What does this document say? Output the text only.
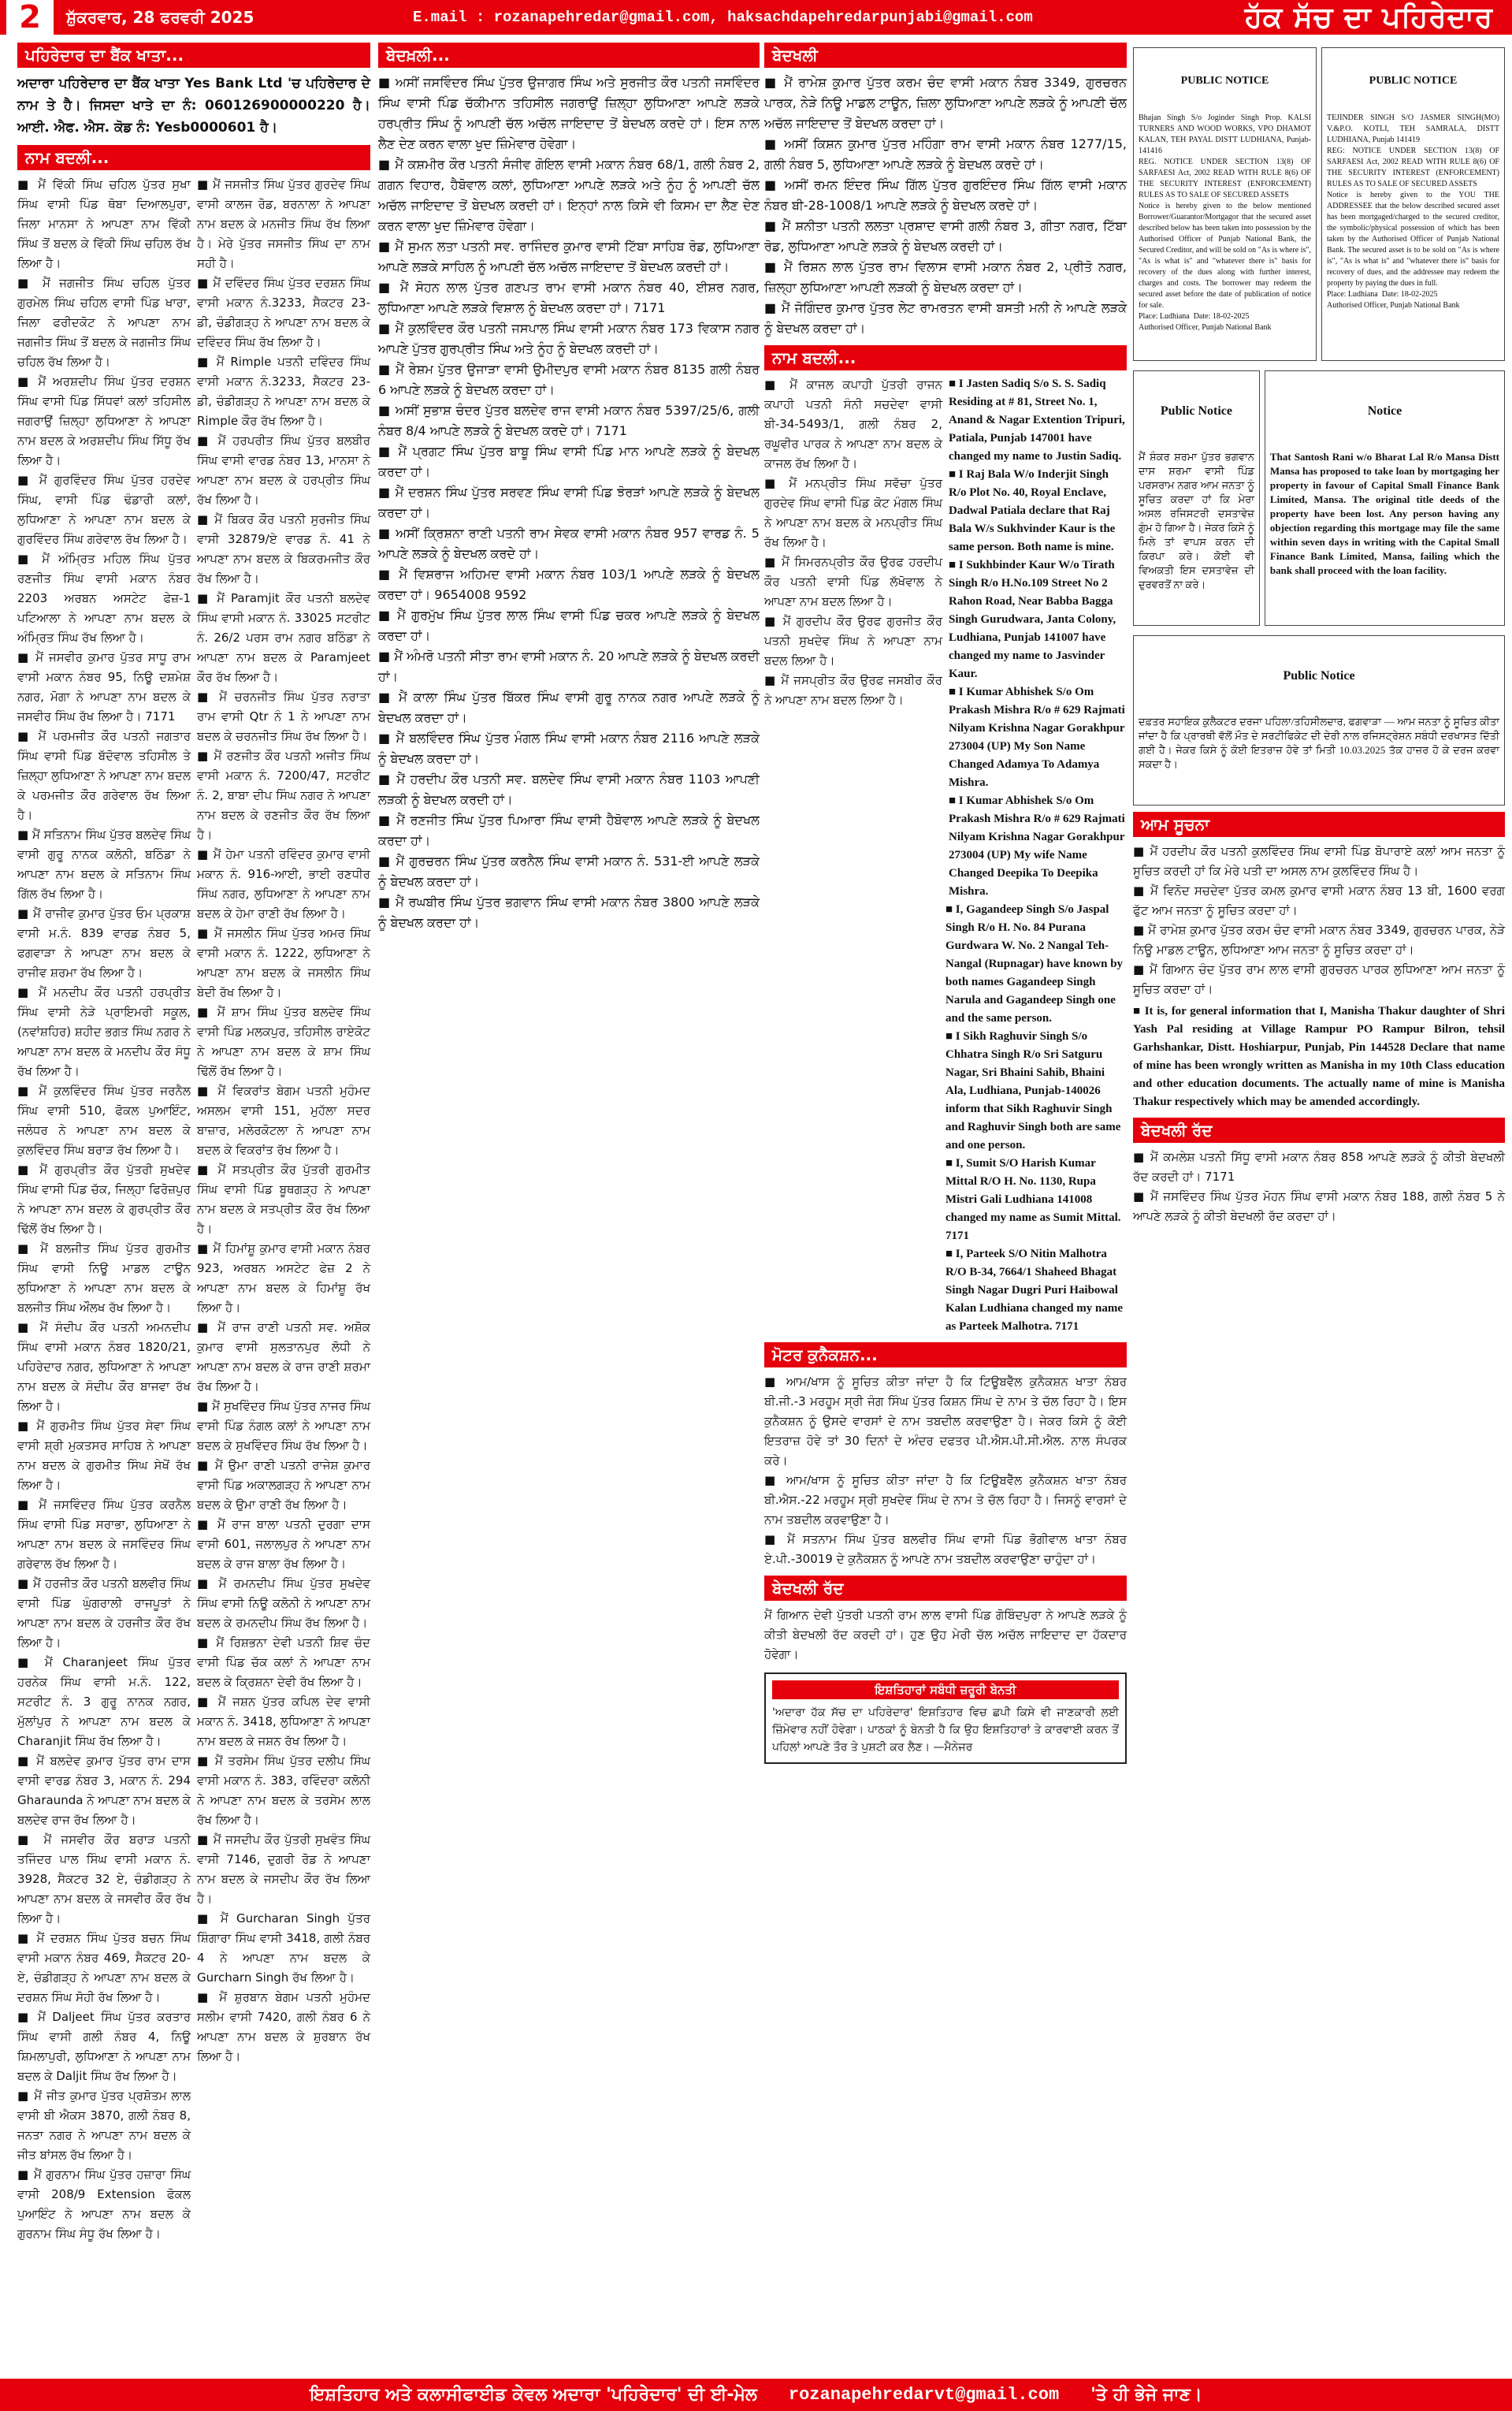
2	ਸ਼ੁੱਕਰਵਾਰ, 28 ਫਰਵਰੀ 2025	E.mail : rozanapehredar@gmail.com, haksachdapehredarpunjabi@gmail.com	ਹੱਕ ਸੱਚ ਦਾ ਪਹਿਰੇਦਾਰ
ਪਹਿਰੇਦਾਰ ਦਾ ਬੈਂਕ ਖਾਤਾ...
ਅਦਾਰਾ ਪਹਿਰੇਦਾਰ ਦਾ ਬੈਂਕ ਖਾਤਾ Yes Bank Ltd 'ਚ ਪਹਿਰੇਦਾਰ ਦੇ ਨਾਮ ਤੇ ਹੈ। ਜਿਸਦਾ ਖਾਤੇ ਦਾ ਨੰ: 060126900000220 ਹੈ।ਆਈ. ਐਫ. ਐਸ. ਕੋਡ ਨੰ: Yesb0000601 ਹੈ।
ਨਾਮ ਬਦਲੀ...
■ ਮੈਂ ਵਿੱਕੀ ਸਿੰਘ ਚਹਿਲ ਪੁੱਤਰ ਸੁਖਾ ਸਿੰਘ ਵਾਸੀ ਪਿੰਡ ਥੋਬਾ ਦਿਆਲਪੁਰਾ, ਜਿਲਾ ਮਾਨਸਾ ਨੇ ਆਪਣਾ ਨਾਮ ਵਿੱਕੀ ਸਿੰਘ ਤੋਂ ਬਦਲ ਕੇ ਵਿੱਕੀ ਸਿੰਘ ਚਹਿਲ ਰੱਖ ਲਿਆ ਹੈ।
■ ਮੈਂ ਜਗਜੀਤ ਸਿੰਘ ਚਹਿਲ ਪੁੱਤਰ ਗੁਰਮੇਲ ਸਿੰਘ ਚਹਿਲ ਵਾਸੀ ਪਿੰਡ ਖਾਰਾ, ਜਿਲਾ ਫਰੀਦਕੋਟ ਨੇ ਆਪਣਾ ਨਾਮ ਜਗਜੀਤ ਸਿੰਘ ਤੋਂ ਬਦਲ ਕੇ ਜਗਜੀਤ ਸਿੰਘ ਚਹਿਲ ਰੱਖ ਲਿਆ ਹੈ।
■ ਮੈਂ ਅਰਸ਼ਦੀਪ ਸਿੰਘ ਪੁੱਤਰ ਦਰਸ਼ਨ ਸਿੰਘ ਵਾਸੀ ਪਿੰਡ ਸਿੱਧਵਾਂ ਕਲਾਂ ਤਹਿਸੀਲ ਜਗਰਾਉਂ ਜ਼ਿਲ੍ਹਾ ਲੁਧਿਆਣਾ ਨੇ ਆਪਣਾ ਨਾਮ ਬਦਲ ਕੇ ਅਰਸ਼ਦੀਪ ਸਿੰਘ ਸਿੱਧੂ ਰੱਖ ਲਿਆ ਹੈ।
■ ਮੈਂ ਗੁਰਵਿੰਦਰ ਸਿੰਘ ਪੁੱਤਰ ਹਰਦੇਵ ਸਿੰਘ, ਵਾਸੀ ਪਿੰਡ ਢੰਡਾਰੀ ਕਲਾਂ, ਲੁਧਿਆਣਾ ਨੇ ਆਪਣਾ ਨਾਮ ਬਦਲ ਕੇ ਗੁਰਵਿੰਦਰ ਸਿੰਘ ਗਰੇਵਾਲ ਰੱਖ ਲਿਆ ਹੈ।
■ ਮੈਂ ਅੰਮ੍ਰਿਤ ਮਹਿਲ ਸਿੰਘ ਪੁੱਤਰ ਰਣਜੀਤ ਸਿੰਘ ਵਾਸੀ ਮਕਾਨ ਨੰਬਰ 2203 ਅਰਬਨ ਅਸਟੇਟ ਫੇਜ਼-1 ਪਟਿਆਲਾ ਨੇ ਆਪਣਾ ਨਾਮ ਬਦਲ ਕੇ ਅੰਮ੍ਰਿਤ ਸਿੰਘ ਰੱਖ ਲਿਆ ਹੈ।
■ ਮੈਂ ਜਸਵੀਰ ਕੁਮਾਰ ਪੁੱਤਰ ਸਾਧੂ ਰਾਮ ਵਾਸੀ ਮਕਾਨ ਨੰਬਰ 95, ਨਿਊ ਦਸ਼ਮੇਸ਼ ਨਗਰ, ਮੋਗਾ ਨੇ ਆਪਣਾ ਨਾਮ ਬਦਲ ਕੇ ਜਸਵੀਰ ਸਿੰਘ ਰੱਖ ਲਿਆ ਹੈ। 7171
■ ਮੈਂ ਪਰਮਜੀਤ ਕੌਰ ਪਤਨੀ ਜਗਤਾਰ ਸਿੰਘ ਵਾਸੀ ਪਿੰਡ ਬੱਦੋਵਾਲ ਤਹਿਸੀਲ ਤੇ ਜ਼ਿਲ੍ਹਾ ਲੁਧਿਆਣਾ ਨੇ ਆਪਣਾ ਨਾਮ ਬਦਲ ਕੇ ਪਰਮਜੀਤ ਕੌਰ ਗਰੇਵਾਲ ਰੱਖ ਲਿਆ ਹੈ।
■ ਮੈਂ ਸਤਿਨਾਮ ਸਿੰਘ ਪੁੱਤਰ ਬਲਦੇਵ ਸਿੰਘ ਵਾਸੀ ਗੁਰੂ ਨਾਨਕ ਕਲੋਨੀ, ਬਠਿੰਡਾ ਨੇ ਆਪਣਾ ਨਾਮ ਬਦਲ ਕੇ ਸਤਿਨਾਮ ਸਿੰਘ ਗਿੱਲ ਰੱਖ ਲਿਆ ਹੈ।
■ ਮੈਂ ਰਾਜੀਵ ਕੁਮਾਰ ਪੁੱਤਰ ਓਮ ਪ੍ਰਕਾਸ਼ ਵਾਸੀ ਮ.ਨੰ. 839 ਵਾਰਡ ਨੰਬਰ 5, ਫਗਵਾੜਾ ਨੇ ਆਪਣਾ ਨਾਮ ਬਦਲ ਕੇ ਰਾਜੀਵ ਸ਼ਰਮਾ ਰੱਖ ਲਿਆ ਹੈ।
■ ਮੈਂ ਮਨਦੀਪ ਕੌਰ ਪਤਨੀ ਹਰਪ੍ਰੀਤ ਸਿੰਘ ਵਾਸੀ ਨੇੜੇ ਪ੍ਰਾਇਮਰੀ ਸਕੂਲ, (ਨਵਾਂਸ਼ਹਿਰ) ਸ਼ਹੀਦ ਭਗਤ ਸਿੰਘ ਨਗਰ ਨੇ ਆਪਣਾ ਨਾਮ ਬਦਲ ਕੇ ਮਨਦੀਪ ਕੌਰ ਸੰਧੂ ਰੱਖ ਲਿਆ ਹੈ।
■ ਮੈਂ ਕੁਲਵਿੰਦਰ ਸਿੰਘ ਪੁੱਤਰ ਜਰਨੈਲ ਸਿੰਘ ਵਾਸੀ 510, ਫੋਕਲ ਪੁਆਇੰਟ, ਜਲੰਧਰ ਨੇ ਆਪਣਾ ਨਾਮ ਬਦਲ ਕੇ ਕੁਲਵਿੰਦਰ ਸਿੰਘ ਬਰਾੜ ਰੱਖ ਲਿਆ ਹੈ।
■ ਮੈਂ ਗੁਰਪ੍ਰੀਤ ਕੌਰ ਪੁੱਤਰੀ ਸੁਖਦੇਵ ਸਿੰਘ ਵਾਸੀ ਪਿੰਡ ਚੱਕ, ਜਿਲ੍ਹਾ ਫਿਰੋਜ਼ਪੁਰ ਨੇ ਆਪਣਾ ਨਾਮ ਬਦਲ ਕੇ ਗੁਰਪ੍ਰੀਤ ਕੌਰ ਢਿੱਲੋਂ ਰੱਖ ਲਿਆ ਹੈ।
■ ਮੈਂ ਬਲਜੀਤ ਸਿੰਘ ਪੁੱਤਰ ਗੁਰਮੀਤ ਸਿੰਘ ਵਾਸੀ ਨਿਊ ਮਾਡਲ ਟਾਊਨ ਲੁਧਿਆਣਾ ਨੇ ਆਪਣਾ ਨਾਮ ਬਦਲ ਕੇ ਬਲਜੀਤ ਸਿੰਘ ਔਲਖ ਰੱਖ ਲਿਆ ਹੈ।
■ ਮੈਂ ਸੰਦੀਪ ਕੌਰ ਪਤਨੀ ਅਮਨਦੀਪ ਸਿੰਘ ਵਾਸੀ ਮਕਾਨ ਨੰਬਰ 1820/21, ਪਹਿਰੇਦਾਰ ਨਗਰ, ਲੁਧਿਆਣਾ ਨੇ ਆਪਣਾ ਨਾਮ ਬਦਲ ਕੇ ਸੰਦੀਪ ਕੌਰ ਬਾਜਵਾ ਰੱਖ ਲਿਆ ਹੈ।
■ ਮੈਂ ਗੁਰਮੀਤ ਸਿੰਘ ਪੁੱਤਰ ਸੇਵਾ ਸਿੰਘ ਵਾਸੀ ਸ਼੍ਰੀ ਮੁਕਤਸਰ ਸਾਹਿਬ ਨੇ ਆਪਣਾ ਨਾਮ ਬਦਲ ਕੇ ਗੁਰਮੀਤ ਸਿੰਘ ਸੇਖੋਂ ਰੱਖ ਲਿਆ ਹੈ।
■ ਮੈਂ ਜਸਵਿੰਦਰ ਸਿੰਘ ਪੁੱਤਰ ਕਰਨੈਲ ਸਿੰਘ ਵਾਸੀ ਪਿੰਡ ਸਰਾਭਾ, ਲੁਧਿਆਣਾ ਨੇ ਆਪਣਾ ਨਾਮ ਬਦਲ ਕੇ ਜਸਵਿੰਦਰ ਸਿੰਘ ਗਰੇਵਾਲ ਰੱਖ ਲਿਆ ਹੈ।
■ ਮੈਂ ਹਰਜੀਤ ਕੌਰ ਪਤਨੀ ਬਲਵੀਰ ਸਿੰਘ ਵਾਸੀ ਪਿੰਡ ਘੁੰਗਰਾਲੀ ਰਾਜਪੂਤਾਂ ਨੇ ਆਪਣਾ ਨਾਮ ਬਦਲ ਕੇ ਹਰਜੀਤ ਕੌਰ ਰੱਖ ਲਿਆ ਹੈ।
■ ਮੈਂ Charanjeet ਸਿੰਘ ਪੁੱਤਰ ਹਰਨੇਕ ਸਿੰਘ ਵਾਸੀ ਮ.ਨੰ. 122, ਸਟਰੀਟ ਨੰ. 3 ਗੁਰੂ ਨਾਨਕ ਨਗਰ, ਮੁੱਲਾਂਪੁਰ ਨੇ ਆਪਣਾ ਨਾਮ ਬਦਲ ਕੇ Charanjit ਸਿੰਘ ਰੱਖ ਲਿਆ ਹੈ।
■ ਮੈਂ ਬਲਦੇਵ ਕੁਮਾਰ ਪੁੱਤਰ ਰਾਮ ਦਾਸ ਵਾਸੀ ਵਾਰਡ ਨੰਬਰ 3, ਮਕਾਨ ਨੰ. 294 Gharaunda ਨੇ ਆਪਣਾ ਨਾਮ ਬਦਲ ਕੇ ਬਲਦੇਵ ਰਾਜ ਰੱਖ ਲਿਆ ਹੈ।
■ ਮੈਂ ਜਸਵੀਰ ਕੌਰ ਬਰਾੜ ਪਤਨੀ ਤਜਿੰਦਰ ਪਾਲ ਸਿੰਘ ਵਾਸੀ ਮਕਾਨ ਨੰ. 3928, ਸੈਕਟਰ 32 ਏ, ਚੰਡੀਗੜ੍ਹ ਨੇ ਆਪਣਾ ਨਾਮ ਬਦਲ ਕੇ ਜਸਵੀਰ ਕੌਰ ਰੱਖ ਲਿਆ ਹੈ।
■ ਮੈਂ ਦਰਸ਼ਨ ਸਿੰਘ ਪੁੱਤਰ ਬਚਨ ਸਿੰਘ ਵਾਸੀ ਮਕਾਨ ਨੰਬਰ 469, ਸੈਕਟਰ 20-ਏ, ਚੰਡੀਗੜ੍ਹ ਨੇ ਆਪਣਾ ਨਾਮ ਬਦਲ ਕੇ ਦਰਸ਼ਨ ਸਿੰਘ ਸੋਹੀ ਰੱਖ ਲਿਆ ਹੈ।
■ ਮੈਂ Daljeet ਸਿੰਘ ਪੁੱਤਰ ਕਰਤਾਰ ਸਿੰਘ ਵਾਸੀ ਗਲੀ ਨੰਬਰ 4, ਨਿਊ ਸ਼ਿਮਲਾਪੁਰੀ, ਲੁਧਿਆਣਾ ਨੇ ਆਪਣਾ ਨਾਮ ਬਦਲ ਕੇ Daljit ਸਿੰਘ ਰੱਖ ਲਿਆ ਹੈ।
■ ਮੈਂ ਜੀਤ ਕੁਮਾਰ ਪੁੱਤਰ ਪ੍ਰਸ਼ੋਤਮ ਲਾਲ ਵਾਸੀ ਬੀ ਐਕਸ 3870, ਗਲੀ ਨੰਬਰ 8, ਜਨਤਾ ਨਗਰ ਨੇ ਆਪਣਾ ਨਾਮ ਬਦਲ ਕੇ ਜੀਤ ਬਾਂਸਲ ਰੱਖ ਲਿਆ ਹੈ।
■ ਮੈਂ ਗੁਰਨਾਮ ਸਿੰਘ ਪੁੱਤਰ ਹਜ਼ਾਰਾ ਸਿੰਘ ਵਾਸੀ 208/9 Extension ਫੋਕਲ ਪੁਆਇੰਟ ਨੇ ਆਪਣਾ ਨਾਮ ਬਦਲ ਕੇ ਗੁਰਨਾਮ ਸਿੰਘ ਸੰਧੂ ਰੱਖ ਲਿਆ ਹੈ।
■ ਮੈਂ ਜਸਜੀਤ ਸਿੰਘ ਪੁੱਤਰ ਗੁਰਦੇਵ ਸਿੰਘ ਵਾਸੀ ਕਾਲਜ ਰੋਡ, ਬਰਨਾਲਾ ਨੇ ਆਪਣਾ ਨਾਮ ਬਦਲ ਕੇ ਮਨਜੀਤ ਸਿੰਘ ਰੱਖ ਲਿਆ ਹੈ। ਮੇਰੇ ਪੁੱਤਰ ਜਸਜੀਤ ਸਿੰਘ ਦਾ ਨਾਮ ਸਹੀ ਹੈ।
■ ਮੈਂ ਦਵਿੰਦਰ ਸਿੰਘ ਪੁੱਤਰ ਦਰਸ਼ਨ ਸਿੰਘ ਵਾਸੀ ਮਕਾਨ ਨੰ.3233, ਸੈਕਟਰ 23-ਡੀ, ਚੰਡੀਗੜ੍ਹ ਨੇ ਆਪਣਾ ਨਾਮ ਬਦਲ ਕੇ ਦਵਿੰਦਰ ਸਿੰਘ ਰੱਖ ਲਿਆ ਹੈ।
■ ਮੈਂ Rimple ਪਤਨੀ ਦਵਿੰਦਰ ਸਿੰਘ ਵਾਸੀ ਮਕਾਨ ਨੰ.3233, ਸੈਕਟਰ 23-ਡੀ, ਚੰਡੀਗੜ੍ਹ ਨੇ ਆਪਣਾ ਨਾਮ ਬਦਲ ਕੇ Rimple ਕੌਰ ਰੱਖ ਲਿਆ ਹੈ।
■ ਮੈਂ ਹਰਪਰੀਤ ਸਿੰਘ ਪੁੱਤਰ ਬਲਬੀਰ ਸਿੰਘ ਵਾਸੀ ਵਾਰਡ ਨੰਬਰ 13, ਮਾਨਸਾ ਨੇ ਆਪਣਾ ਨਾਮ ਬਦਲ ਕੇ ਹਰਪ੍ਰੀਤ ਸਿੰਘ ਰੱਖ ਲਿਆ ਹੈ।
■ ਮੈਂ ਬਿਕਰ ਕੌਰ ਪਤਨੀ ਸੁਰਜੀਤ ਸਿੰਘ ਵਾਸੀ 32879/ਏ ਵਾਰਡ ਨੰ. 41 ਨੇ ਆਪਣਾ ਨਾਮ ਬਦਲ ਕੇ ਬਿਕਰਮਜੀਤ ਕੌਰ ਰੱਖ ਲਿਆ ਹੈ।
■ ਮੈਂ Paramjit ਕੌਰ ਪਤਨੀ ਬਲਦੇਵ ਸਿੰਘ ਵਾਸੀ ਮਕਾਨ ਨੰ. 33025 ਸਟਰੀਟ ਨੰ. 26/2 ਪਰਸ ਰਾਮ ਨਗਰ ਬਠਿੰਡਾ ਨੇ ਆਪਣਾ ਨਾਮ ਬਦਲ ਕੇ Paramjeet ਕੌਰ ਰੱਖ ਲਿਆ ਹੈ।
■ ਮੈਂ ਚਰਨਜੀਤ ਸਿੰਘ ਪੁੱਤਰ ਨਰਾਤਾ ਰਾਮ ਵਾਸੀ Qtr ਨੰ 1 ਨੇ ਆਪਣਾ ਨਾਮ ਬਦਲ ਕੇ ਚਰਨਜੀਤ ਸਿੰਘ ਰੱਖ ਲਿਆ ਹੈ।
■ ਮੈਂ ਰਣਜੀਤ ਕੌਰ ਪਤਨੀ ਅਜੀਤ ਸਿੰਘ ਵਾਸੀ ਮਕਾਨ ਨੰ. 7200/47, ਸਟਰੀਟ ਨੰ. 2, ਬਾਬਾ ਦੀਪ ਸਿੰਘ ਨਗਰ ਨੇ ਆਪਣਾ ਨਾਮ ਬਦਲ ਕੇ ਰਣਜੀਤ ਕੌਰ ਰੱਖ ਲਿਆ ਹੈ।
■ ਮੈਂ ਹੇਮਾ ਪਤਨੀ ਰਵਿੰਦਰ ਕੁਮਾਰ ਵਾਸੀ ਮਕਾਨ ਨੰ. 916-ਆਈ, ਭਾਈ ਰਣਧੀਰ ਸਿੰਘ ਨਗਰ, ਲੁਧਿਆਣਾ ਨੇ ਆਪਣਾ ਨਾਮ ਬਦਲ ਕੇ ਹੇਮਾ ਰਾਣੀ ਰੱਖ ਲਿਆ ਹੈ।
■ ਮੈਂ ਜਸਲੀਨ ਸਿੰਘ ਪੁੱਤਰ ਅਮਰ ਸਿੰਘ ਵਾਸੀ ਮਕਾਨ ਨੰ. 1222, ਲੁਧਿਆਣਾ ਨੇ ਆਪਣਾ ਨਾਮ ਬਦਲ ਕੇ ਜਸਲੀਨ ਸਿੰਘ ਬੇਦੀ ਰੱਖ ਲਿਆ ਹੈ।
■ ਮੈਂ ਸ਼ਾਮ ਸਿੰਘ ਪੁੱਤਰ ਬਲਦੇਵ ਸਿੰਘ ਵਾਸੀ ਪਿੰਡ ਮਲਕਪੁਰ, ਤਹਿਸੀਲ ਰਾਏਕੋਟ ਨੇ ਆਪਣਾ ਨਾਮ ਬਦਲ ਕੇ ਸ਼ਾਮ ਸਿੰਘ ਢਿੱਲੋਂ ਰੱਖ ਲਿਆ ਹੈ।
■ ਮੈਂ ਵਿਕਰਾਂਤ ਬੇਗਮ ਪਤਨੀ ਮੁਹੰਮਦ ਅਸਲਮ ਵਾਸੀ 151, ਮੁਹੱਲਾ ਸਦਰ ਬਾਜ਼ਾਰ, ਮਲੇਰਕੋਟਲਾ ਨੇ ਆਪਣਾ ਨਾਮ ਬਦਲ ਕੇ ਵਿਕਰਾਂਤ ਰੱਖ ਲਿਆ ਹੈ।
■ ਮੈਂ ਸਤਪ੍ਰੀਤ ਕੌਰ ਪੁੱਤਰੀ ਗੁਰਮੀਤ ਸਿੰਘ ਵਾਸੀ ਪਿੰਡ ਬੂਥਗੜ੍ਹ ਨੇ ਆਪਣਾ ਨਾਮ ਬਦਲ ਕੇ ਸਤਪ੍ਰੀਤ ਕੌਰ ਰੱਖ ਲਿਆ ਹੈ।
■ ਮੈਂ ਹਿਮਾਂਸ਼ੂ ਕੁਮਾਰ ਵਾਸੀ ਮਕਾਨ ਨੰਬਰ 923, ਅਰਬਨ ਅਸਟੇਟ ਫੇਜ਼ 2 ਨੇ ਆਪਣਾ ਨਾਮ ਬਦਲ ਕੇ ਹਿਮਾਂਸ਼ੂ ਰੱਖ ਲਿਆ ਹੈ।
■ ਮੈਂ ਰਾਜ ਰਾਣੀ ਪਤਨੀ ਸਵ. ਅਸ਼ੋਕ ਕੁਮਾਰ ਵਾਸੀ ਸੁਲਤਾਨਪੁਰ ਲੋਧੀ ਨੇ ਆਪਣਾ ਨਾਮ ਬਦਲ ਕੇ ਰਾਜ ਰਾਣੀ ਸ਼ਰਮਾ ਰੱਖ ਲਿਆ ਹੈ।
■ ਮੈਂ ਸੁਖਵਿੰਦਰ ਸਿੰਘ ਪੁੱਤਰ ਨਾਜਰ ਸਿੰਘ ਵਾਸੀ ਪਿੰਡ ਨੰਗਲ ਕਲਾਂ ਨੇ ਆਪਣਾ ਨਾਮ ਬਦਲ ਕੇ ਸੁਖਵਿੰਦਰ ਸਿੰਘ ਰੱਖ ਲਿਆ ਹੈ।
■ ਮੈਂ ਉਮਾ ਰਾਣੀ ਪਤਨੀ ਰਾਜੇਸ਼ ਕੁਮਾਰ ਵਾਸੀ ਪਿੰਡ ਅਕਾਲਗੜ੍ਹ ਨੇ ਆਪਣਾ ਨਾਮ ਬਦਲ ਕੇ ਉਮਾ ਰਾਣੀ ਰੱਖ ਲਿਆ ਹੈ।
■ ਮੈਂ ਰਾਜ ਬਾਲਾ ਪਤਨੀ ਦੁਰਗਾ ਦਾਸ ਵਾਸੀ 601, ਜਲਾਲਪੁਰ ਨੇ ਆਪਣਾ ਨਾਮ ਬਦਲ ਕੇ ਰਾਜ ਬਾਲਾ ਰੱਖ ਲਿਆ ਹੈ।
■ ਮੈਂ ਰਮਨਦੀਪ ਸਿੰਘ ਪੁੱਤਰ ਸੁਖਦੇਵ ਸਿੰਘ ਵਾਸੀ ਨਿਊ ਕਲੋਨੀ ਨੇ ਆਪਣਾ ਨਾਮ ਬਦਲ ਕੇ ਰਮਨਦੀਪ ਸਿੰਘ ਰੱਖ ਲਿਆ ਹੈ।
■ ਮੈਂ ਰਿਸ਼ਭਨਾ ਦੇਵੀ ਪਤਨੀ ਸ਼ਿਵ ਚੰਦ ਵਾਸੀ ਪਿੰਡ ਚੱਕ ਕਲਾਂ ਨੇ ਆਪਣਾ ਨਾਮ ਬਦਲ ਕੇ ਕ੍ਰਿਸ਼ਨਾ ਦੇਵੀ ਰੱਖ ਲਿਆ ਹੈ।
■ ਮੈਂ ਜਸ਼ਨ ਪੁੱਤਰ ਕਪਿਲ ਦੇਵ ਵਾਸੀ ਮਕਾਨ ਨੰ. 3418, ਲੁਧਿਆਣਾ ਨੇ ਆਪਣਾ ਨਾਮ ਬਦਲ ਕੇ ਜਸ਼ਨ ਰੱਖ ਲਿਆ ਹੈ।
■ ਮੈਂ ਤਰਸੇਮ ਸਿੰਘ ਪੁੱਤਰ ਦਲੀਪ ਸਿੰਘ ਵਾਸੀ ਮਕਾਨ ਨੰ. 383, ਰਵਿੰਦਰਾ ਕਲੋਨੀ ਨੇ ਆਪਣਾ ਨਾਮ ਬਦਲ ਕੇ ਤਰਸੇਮ ਲਾਲ ਰੱਖ ਲਿਆ ਹੈ।
■ ਮੈਂ ਜਸਦੀਪ ਕੌਰ ਪੁੱਤਰੀ ਸੁਖਵੰਤ ਸਿੰਘ ਵਾਸੀ 7146, ਦੁਗਰੀ ਰੋਡ ਨੇ ਆਪਣਾ ਨਾਮ ਬਦਲ ਕੇ ਜਸਦੀਪ ਕੌਰ ਰੱਖ ਲਿਆ ਹੈ।
■ ਮੈਂ Gurcharan Singh ਪੁੱਤਰ ਸ਼ਿੰਗਾਰਾ ਸਿੰਘ ਵਾਸੀ 3418, ਗਲੀ ਨੰਬਰ 4 ਨੇ ਆਪਣਾ ਨਾਮ ਬਦਲ ਕੇ Gurcharn Singh ਰੱਖ ਲਿਆ ਹੈ।
■ ਮੈਂ ਸ਼ੁਰਬਾਨ ਬੇਗਮ ਪਤਨੀ ਮੁਹੰਮਦ ਸਲੀਮ ਵਾਸੀ 7420, ਗਲੀ ਨੰਬਰ 6 ਨੇ ਆਪਣਾ ਨਾਮ ਬਦਲ ਕੇ ਸ਼ੁਰਬਾਨ ਰੱਖ ਲਿਆ ਹੈ।
ਬੇਦਖ਼ਲੀ...
■ ਅਸੀਂ ਜਸਵਿੰਦਰ ਸਿੰਘ ਪੁੱਤਰ ਉਜਾਗਰ ਸਿੰਘ ਅਤੇ ਸੁਰਜੀਤ ਕੌਰ ਪਤਨੀ ਜਸਵਿੰਦਰ ਸਿੰਘ ਵਾਸੀ ਪਿੰਡ ਚੱਕੀਮਾਨ ਤਹਿਸੀਲ ਜਗਰਾਉਂ ਜ਼ਿਲ੍ਹਾ ਲੁਧਿਆਣਾ ਆਪਣੇ ਲੜਕੇ ਹਰਪ੍ਰੀਤ ਸਿੰਘ ਨੂੰ ਆਪਣੀ ਚੱਲ ਅਚੱਲ ਜਾਇਦਾਦ ਤੋਂ ਬੇਦਖਲ ਕਰਦੇ ਹਾਂ। ਇਸ ਨਾਲ ਲੈਣ ਦੇਣ ਕਰਨ ਵਾਲਾ ਖੁਦ ਜ਼ਿੰਮੇਵਾਰ ਹੋਵੇਗਾ।
■ ਮੈਂ ਕਸ਼ਮੀਰ ਕੌਰ ਪਤਨੀ ਸੰਜੀਵ ਗੋਇਲ ਵਾਸੀ ਮਕਾਨ ਨੰਬਰ 68/1, ਗਲੀ ਨੰਬਰ 2, ਗਗਨ ਵਿਹਾਰ, ਹੈਬੋਵਾਲ ਕਲਾਂ, ਲੁਧਿਆਣਾ ਆਪਣੇ ਲੜਕੇ ਅਤੇ ਨੂੰਹ ਨੂੰ ਆਪਣੀ ਚੱਲ ਅਚੱਲ ਜਾਇਦਾਦ ਤੋਂ ਬੇਦਖਲ ਕਰਦੀ ਹਾਂ। ਇਨ੍ਹਾਂ ਨਾਲ ਕਿਸੇ ਵੀ ਕਿਸਮ ਦਾ ਲੈਣ ਦੇਣ ਕਰਨ ਵਾਲਾ ਖੁਦ ਜ਼ਿੰਮੇਵਾਰ ਹੋਵੇਗਾ।
■ ਮੈਂ ਸੁਮਨ ਲਤਾ ਪਤਨੀ ਸਵ. ਰਾਜਿੰਦਰ ਕੁਮਾਰ ਵਾਸੀ ਟਿੱਬਾ ਸਾਹਿਬ ਰੋਡ, ਲੁਧਿਆਣਾ ਆਪਣੇ ਲੜਕੇ ਸਾਹਿਲ ਨੂੰ ਆਪਣੀ ਚੱਲ ਅਚੱਲ ਜਾਇਦਾਦ ਤੋਂ ਬੇਦਖਲ ਕਰਦੀ ਹਾਂ।
■ ਮੈਂ ਸੋਹਨ ਲਾਲ ਪੁੱਤਰ ਗਣਪਤ ਰਾਮ ਵਾਸੀ ਮਕਾਨ ਨੰਬਰ 40, ਈਸ਼ਰ ਨਗਰ, ਲੁਧਿਆਣਾ ਆਪਣੇ ਲੜਕੇ ਵਿਸ਼ਾਲ ਨੂੰ ਬੇਦਖਲ ਕਰਦਾ ਹਾਂ। 7171
■ ਮੈਂ ਕੁਲਵਿੰਦਰ ਕੌਰ ਪਤਨੀ ਜਸਪਾਲ ਸਿੰਘ ਵਾਸੀ ਮਕਾਨ ਨੰਬਰ 173 ਵਿਕਾਸ ਨਗਰ ਆਪਣੇ ਪੁੱਤਰ ਗੁਰਪ੍ਰੀਤ ਸਿੰਘ ਅਤੇ ਨੂੰਹ ਨੂੰ ਬੇਦਖਲ ਕਰਦੀ ਹਾਂ।
■ ਮੈਂ ਰੇਸ਼ਮ ਪੁੱਤਰ ਉਜਾੜਾ ਵਾਸੀ ਉਮੀਦਪੁਰ ਵਾਸੀ ਮਕਾਨ ਨੰਬਰ 8135 ਗਲੀ ਨੰਬਰ 6 ਆਪਣੇ ਲੜਕੇ ਨੂੰ ਬੇਦਖਲ ਕਰਦਾ ਹਾਂ।
■ ਅਸੀਂ ਸੁਭਾਸ਼ ਚੰਦਰ ਪੁੱਤਰ ਬਲਦੇਵ ਰਾਜ ਵਾਸੀ ਮਕਾਨ ਨੰਬਰ 5397/25/6, ਗਲੀ ਨੰਬਰ 8/4 ਆਪਣੇ ਲੜਕੇ ਨੂੰ ਬੇਦਖਲ ਕਰਦੇ ਹਾਂ। 7171
■ ਮੈਂ ਪ੍ਰਗਟ ਸਿੰਘ ਪੁੱਤਰ ਬਾਬੂ ਸਿੰਘ ਵਾਸੀ ਪਿੰਡ ਮਾਨ ਆਪਣੇ ਲੜਕੇ ਨੂੰ ਬੇਦਖਲ ਕਰਦਾ ਹਾਂ।
■ ਮੈਂ ਦਰਸ਼ਨ ਸਿੰਘ ਪੁੱਤਰ ਸਰਵਣ ਸਿੰਘ ਵਾਸੀ ਪਿੰਡ ਝੋਰੜਾਂ ਆਪਣੇ ਲੜਕੇ ਨੂੰ ਬੇਦਖਲ ਕਰਦਾ ਹਾਂ।
■ ਅਸੀਂ ਕ੍ਰਿਸ਼ਨਾ ਰਾਣੀ ਪਤਨੀ ਰਾਮ ਸੇਵਕ ਵਾਸੀ ਮਕਾਨ ਨੰਬਰ 957 ਵਾਰਡ ਨੰ. 5 ਆਪਣੇ ਲੜਕੇ ਨੂੰ ਬੇਦਖਲ ਕਰਦੇ ਹਾਂ।
■ ਮੈਂ ਵਿਸ਼ਰਾਜ ਅਹਿਮਦ ਵਾਸੀ ਮਕਾਨ ਨੰਬਰ 103/1 ਆਪਣੇ ਲੜਕੇ ਨੂੰ ਬੇਦਖਲ ਕਰਦਾ ਹਾਂ। 9654008 9592
■ ਮੈਂ ਗੁਰਮੁੱਖ ਸਿੰਘ ਪੁੱਤਰ ਲਾਲ ਸਿੰਘ ਵਾਸੀ ਪਿੰਡ ਚਕਰ ਆਪਣੇ ਲੜਕੇ ਨੂੰ ਬੇਦਖਲ ਕਰਦਾ ਹਾਂ।
■ ਮੈਂ ਅੰਮਰੋ ਪਤਨੀ ਸੀਤਾ ਰਾਮ ਵਾਸੀ ਮਕਾਨ ਨੰ. 20 ਆਪਣੇ ਲੜਕੇ ਨੂੰ ਬੇਦਖਲ ਕਰਦੀ ਹਾਂ।
■ ਮੈਂ ਕਾਲਾ ਸਿੰਘ ਪੁੱਤਰ ਬਿੱਕਰ ਸਿੰਘ ਵਾਸੀ ਗੁਰੂ ਨਾਨਕ ਨਗਰ ਆਪਣੇ ਲੜਕੇ ਨੂੰ ਬੇਦਖਲ ਕਰਦਾ ਹਾਂ।
■ ਮੈਂ ਬਲਵਿੰਦਰ ਸਿੰਘ ਪੁੱਤਰ ਮੰਗਲ ਸਿੰਘ ਵਾਸੀ ਮਕਾਨ ਨੰਬਰ 2116 ਆਪਣੇ ਲੜਕੇ ਨੂੰ ਬੇਦਖਲ ਕਰਦਾ ਹਾਂ।
■ ਮੈਂ ਹਰਦੀਪ ਕੌਰ ਪਤਨੀ ਸਵ. ਬਲਦੇਵ ਸਿੰਘ ਵਾਸੀ ਮਕਾਨ ਨੰਬਰ 1103 ਆਪਣੀ ਲੜਕੀ ਨੂੰ ਬੇਦਖਲ ਕਰਦੀ ਹਾਂ।
■ ਮੈਂ ਰਣਜੀਤ ਸਿੰਘ ਪੁੱਤਰ ਪਿਆਰਾ ਸਿੰਘ ਵਾਸੀ ਹੈਬੋਵਾਲ ਆਪਣੇ ਲੜਕੇ ਨੂੰ ਬੇਦਖਲ ਕਰਦਾ ਹਾਂ।
■ ਮੈਂ ਗੁਰਚਰਨ ਸਿੰਘ ਪੁੱਤਰ ਕਰਨੈਲ ਸਿੰਘ ਵਾਸੀ ਮਕਾਨ ਨੰ. 531-ਈ ਆਪਣੇ ਲੜਕੇ ਨੂੰ ਬੇਦਖਲ ਕਰਦਾ ਹਾਂ।
■ ਮੈਂ ਰਘਬੀਰ ਸਿੰਘ ਪੁੱਤਰ ਭਗਵਾਨ ਸਿੰਘ ਵਾਸੀ ਮਕਾਨ ਨੰਬਰ 3800 ਆਪਣੇ ਲੜਕੇ ਨੂੰ ਬੇਦਖਲ ਕਰਦਾ ਹਾਂ।
ਬੇਦਖਲੀ
■ ਮੈਂ ਰਾਮੇਸ਼ ਕੁਮਾਰ ਪੁੱਤਰ ਕਰਮ ਚੰਦ ਵਾਸੀ ਮਕਾਨ ਨੰਬਰ 3349, ਗੁਰਚਰਨ ਪਾਰਕ, ਨੇੜੇ ਨਿਊ ਮਾਡਲ ਟਾਊਨ, ਜ਼ਿਲਾ ਲੁਧਿਆਣਾ ਆਪਣੇ ਲੜਕੇ ਨੂੰ ਆਪਣੀ ਚੱਲ ਅਚੱਲ ਜਾਇਦਾਦ ਤੋਂ ਬੇਦਖਲ ਕਰਦਾ ਹਾਂ।
■ ਅਸੀਂ ਕਿਸ਼ਨ ਕੁਮਾਰ ਪੁੱਤਰ ਮਹਿੰਗਾ ਰਾਮ ਵਾਸੀ ਮਕਾਨ ਨੰਬਰ 1277/15, ਗਲੀ ਨੰਬਰ 5, ਲੁਧਿਆਣਾ ਆਪਣੇ ਲੜਕੇ ਨੂੰ ਬੇਦਖਲ ਕਰਦੇ ਹਾਂ।
■ ਅਸੀਂ ਰਮਨ ਇੰਦਰ ਸਿੰਘ ਗਿੱਲ ਪੁੱਤਰ ਗੁਰਇੰਦਰ ਸਿੰਘ ਗਿੱਲ ਵਾਸੀ ਮਕਾਨ ਨੰਬਰ ਬੀ-28-1008/1 ਆਪਣੇ ਲੜਕੇ ਨੂੰ ਬੇਦਖਲ ਕਰਦੇ ਹਾਂ।
■ ਮੈਂ ਸ਼ਨੀਤਾ ਪਤਨੀ ਲਲਤਾ ਪ੍ਰਸ਼ਾਦ ਵਾਸੀ ਗਲੀ ਨੰਬਰ 3, ਗੀਤਾ ਨਗਰ, ਟਿੱਬਾ ਰੋਡ, ਲੁਧਿਆਣਾ ਆਪਣੇ ਲੜਕੇ ਨੂੰ ਬੇਦਖਲ ਕਰਦੀ ਹਾਂ।
■ ਮੈਂ ਰਿਸ਼ਨ ਲਾਲ ਪੁੱਤਰ ਰਾਮ ਵਿਲਾਸ ਵਾਸੀ ਮਕਾਨ ਨੰਬਰ 2, ਪ੍ਰੀਤੋ ਨਗਰ, ਜ਼ਿਲ੍ਹਾ ਲੁਧਿਆਣਾ ਆਪਣੀ ਲੜਕੀ ਨੂੰ ਬੇਦਖਲ ਕਰਦਾ ਹਾਂ।
■ ਮੈਂ ਜੋਗਿੰਦਰ ਕੁਮਾਰ ਪੁੱਤਰ ਲੇਟ ਰਾਮਰਤਨ ਵਾਸੀ ਬਸਤੀ ਮਨੀ ਨੇ ਆਪਣੇ ਲੜਕੇ ਨੂੰ ਬੇਦਖਲ ਕਰਦਾ ਹਾਂ।
ਨਾਮ ਬਦਲੀ...
■ ਮੈਂ ਕਾਜਲ ਕਪਾਹੀ ਪੁੱਤਰੀ ਰਾਜਨ ਕਪਾਹੀ ਪਤਨੀ ਸੰਨੀ ਸਚਦੇਵਾ ਵਾਸੀ ਬੀ-34-5493/1, ਗਲੀ ਨੰਬਰ 2, ਰਘੂਵੀਰ ਪਾਰਕ ਨੇ ਆਪਣਾ ਨਾਮ ਬਦਲ ਕੇ ਕਾਜਲ ਰੱਖ ਲਿਆ ਹੈ।
■ ਮੈਂ ਮਨਪ੍ਰੀਤ ਸਿੰਘ ਸਵੱਚਾ ਪੁੱਤਰ ਗੁਰਦੇਵ ਸਿੰਘ ਵਾਸੀ ਪਿੰਡ ਕੋਟ ਮੰਗਲ ਸਿੰਘ ਨੇ ਆਪਣਾ ਨਾਮ ਬਦਲ ਕੇ ਮਨਪ੍ਰੀਤ ਸਿੰਘ ਰੱਖ ਲਿਆ ਹੈ।
■ ਮੈਂ ਸਿਮਰਨਪ੍ਰੀਤ ਕੌਰ ਉਰਫ ਹਰਦੀਪ ਕੌਰ ਪਤਨੀ ਵਾਸੀ ਪਿੰਡ ਲੱਖੋਵਾਲ ਨੇ ਆਪਣਾ ਨਾਮ ਬਦਲ ਲਿਆ ਹੈ।
■ ਮੈਂ ਗੁਰਦੀਪ ਕੌਰ ਉਰਫ ਗੁਰਜੀਤ ਕੌਰ ਪਤਨੀ ਸੁਖਦੇਵ ਸਿੰਘ ਨੇ ਆਪਣਾ ਨਾਮ ਬਦਲ ਲਿਆ ਹੈ।
■ ਮੈਂ ਜਸਪ੍ਰੀਤ ਕੌਰ ਉਰਫ ਜਸਬੀਰ ਕੌਰ ਨੇ ਆਪਣਾ ਨਾਮ ਬਦਲ ਲਿਆ ਹੈ।
■ I Jasten Sadiq S/o S. S. Sadiq Residing at # 81, Street No. 1, Anand & Nagar Extention Tripuri, Patiala, Punjab 147001 have changed my name to Justin Sadiq.
■ I Raj Bala W/o Inderjit Singh R/o Plot No. 40, Royal Enclave, Dadwal Patiala declare that Raj Bala W/s Sukhvinder Kaur is the same person. Both name is mine.
■ I Sukhbinder Kaur W/o Tirath Singh R/o H.No.109 Street No 2 Rahon Road, Near Babba Bagga Singh Gurudwara, Janta Colony, Ludhiana, Punjab 141007 have changed my name to Jasvinder Kaur.
■ I Kumar Abhishek S/o Om Prakash Mishra R/o # 629 Rajmati Nilyam Krishna Nagar Gorakhpur 273004 (UP) My Son Name Changed Adamya To Adamya Mishra.
■ I Kumar Abhishek S/o Om Prakash Mishra R/o # 629 Rajmati Nilyam Krishna Nagar Gorakhpur 273004 (UP) My wife Name Changed Deepika To Deepika Mishra.
■ I, Gagandeep Singh S/o Jaspal Singh R/o H. No. 84 Purana Gurdwara W. No. 2 Nangal Teh- Nangal (Rupnagar) have known by both names Gagandeep Singh Narula and Gagandeep Singh one and the same person.
■ I Sikh Raghuvir Singh S/o Chhatra Singh R/o Sri Satguru Nagar, Sri Bhaini Sahib, Bhaini Ala, Ludhiana, Punjab-140026 inform that Sikh Raghuvir Singh and Raghuvir Singh both are same and one person.
■ I, Sumit S/O Harish Kumar Mittal R/O H. No. 1130, Rupa Mistri Gali Ludhiana 141008 changed my name as Sumit Mittal. 7171
■ I, Parteek S/O Nitin Malhotra R/O B-34, 7664/1 Shaheed Bhagat Singh Nagar Dugri Puri Haibowal Kalan Ludhiana changed my name as Parteek Malhotra. 7171
ਮੋਟਰ ਕੁਨੈਕਸ਼ਨ...
■ ਆਮ/ਖਾਸ ਨੂੰ ਸੂਚਿਤ ਕੀਤਾ ਜਾਂਦਾ ਹੈ ਕਿ ਟਿਊਬਵੈੱਲ ਕੁਨੈਕਸ਼ਨ ਖਾਤਾ ਨੰਬਰ ਬੀ.ਜੀ.-3 ਮਰਹੂਮ ਸ੍ਰੀ ਜੰਗ ਸਿੰਘ ਪੁੱਤਰ ਕਿਸ਼ਨ ਸਿੰਘ ਦੇ ਨਾਮ ਤੇ ਚੱਲ ਰਿਹਾ ਹੈ। ਇਸ ਕੁਨੈਕਸ਼ਨ ਨੂੰ ਉਸਦੇ ਵਾਰਸਾਂ ਦੇ ਨਾਮ ਤਬਦੀਲ ਕਰਵਾਉਣਾ ਹੈ। ਜੇਕਰ ਕਿਸੇ ਨੂੰ ਕੋਈ ਇਤਰਾਜ਼ ਹੋਵੇ ਤਾਂ 30 ਦਿਨਾਂ ਦੇ ਅੰਦਰ ਦਫਤਰ ਪੀ.ਐਸ.ਪੀ.ਸੀ.ਐਲ. ਨਾਲ ਸੰਪਰਕ ਕਰੇ।
■ ਆਮ/ਖਾਸ ਨੂੰ ਸੂਚਿਤ ਕੀਤਾ ਜਾਂਦਾ ਹੈ ਕਿ ਟਿਊਬਵੈੱਲ ਕੁਨੈਕਸ਼ਨ ਖਾਤਾ ਨੰਬਰ ਬੀ.ਐਸ.-22 ਮਰਹੂਮ ਸ੍ਰੀ ਸੁਖਦੇਵ ਸਿੰਘ ਦੇ ਨਾਮ ਤੇ ਚੱਲ ਰਿਹਾ ਹੈ। ਜਿਸਨੂੰ ਵਾਰਸਾਂ ਦੇ ਨਾਮ ਤਬਦੀਲ ਕਰਵਾਉਣਾ ਹੈ।
■ ਮੈਂ ਸਤਨਾਮ ਸਿੰਘ ਪੁੱਤਰ ਬਲਵੀਰ ਸਿੰਘ ਵਾਸੀ ਪਿੰਡ ਭੋਗੀਵਾਲ ਖਾਤਾ ਨੰਬਰ ਏ.ਪੀ.-30019 ਦੇ ਕੁਨੈਕਸ਼ਨ ਨੂੰ ਆਪਣੇ ਨਾਮ ਤਬਦੀਲ ਕਰਵਾਉਣਾ ਚਾਹੁੰਦਾ ਹਾਂ।
ਬੇਦਖਲੀ ਰੱਦ
ਮੈਂ ਗਿਆਨ ਦੇਵੀ ਪੁੱਤਰੀ ਪਤਨੀ ਰਾਮ ਲਾਲ ਵਾਸੀ ਪਿੰਡ ਗੋਬਿੰਦਪੁਰਾ ਨੇ ਆਪਣੇ ਲੜਕੇ ਨੂੰ ਕੀਤੀ ਬੇਦਖਲੀ ਰੱਦ ਕਰਦੀ ਹਾਂ। ਹੁਣ ਉਹ ਮੇਰੀ ਚੱਲ ਅਚੱਲ ਜਾਇਦਾਦ ਦਾ ਹੱਕਦਾਰ ਹੋਵੇਗਾ।
ਇਸ਼ਤਿਹਾਰਾਂ ਸਬੰਧੀ ਜ਼ਰੂਰੀ ਬੇਨਤੀ
'ਅਦਾਰਾ ਹੱਕ ਸੱਚ ਦਾ ਪਹਿਰੇਦਾਰ' ਇਸ਼ਤਿਹਾਰ ਵਿਚ ਛਪੀ ਕਿਸੇ ਵੀ ਜਾਣਕਾਰੀ ਲਈ ਜ਼ਿੰਮੇਵਾਰ ਨਹੀਂ ਹੋਵੇਗਾ। ਪਾਠਕਾਂ ਨੂੰ ਬੇਨਤੀ ਹੈ ਕਿ ਉਹ ਇਸ਼ਤਿਹਾਰਾਂ ਤੇ ਕਾਰਵਾਈ ਕਰਨ ਤੋਂ ਪਹਿਲਾਂ ਆਪਣੇ ਤੌਰ ਤੇ ਪੁਸ਼ਟੀ ਕਰ ਲੈਣ। —ਮੈਨੇਜਰ

PUBLIC NOTICE

Bhajan Singh S/o Joginder Singh Prop. KALSI TURNERS AND WOOD WORKS, VPO DHAMOT KALAN, TEH PAYAL DISTT LUDHIANA, Punjab-141416
REG. NOTICE UNDER SECTION 13(8) OF SARFAESI Act, 2002 READ WITH RULE 8(6) OF THE SECURITY INTEREST (ENFORCEMENT) RULES AS TO SALE OF SECURED ASSETS
Notice is hereby given to the below mentioned Borrower/Guarantor/Mortgagor that the secured asset described below has been taken into possession by the Authorised Officer of Punjab National Bank, the Secured Creditor, and will be sold on "As is where is", "As is what is" and "whatever there is" basis for recovery of the dues along with further interest, charges and costs. The borrower may redeem the secured asset before the date of publication of notice for sale.
Place: Ludhiana  Date: 18-02-2025
Authorised Officer, Punjab National Bank

PUBLIC NOTICE

TEJINDER SINGH S/O JASMER SINGH(MO) V.&P.O. KOTLI, TEH SAMRALA, DISTT LUDHIANA, Punjab 141419
REG: NOTICE UNDER SECTION 13(8) OF SARFAESI Act, 2002 READ WITH RULE 8(6) OF THE SECURITY INTEREST (ENFORCEMENT) RULES AS TO SALE OF SECURED ASSETS
Notice is hereby given to the YOU THE ADDRESSEE that the below described secured asset has been mortgaged/charged to the secured creditor, the symbolic/physical possession of which has been taken by the Authorised Officer of Punjab National Bank. The secured asset is to be sold on "As is where is", "As is what is" and "whatever there is" basis for recovery of dues, and the addressee may redeem the property by paying the dues in full.
Place: Ludhiana  Date: 18-02-2025
Authorised Officer, Punjab National Bank

Public Notice

ਮੈਂ ਸ਼ੰਕਰ ਸ਼ਰਮਾ ਪੁੱਤਰ ਭਗਵਾਨ ਦਾਸ ਸ਼ਰਮਾ ਵਾਸੀ ਪਿੰਡ ਪਰਸਰਾਮ ਨਗਰ ਆਮ ਜਨਤਾ ਨੂੰ ਸੂਚਿਤ ਕਰਦਾ ਹਾਂ ਕਿ ਮੇਰਾ ਅਸਲ ਰਜਿਸਟਰੀ ਦਸਤਾਵੇਜ਼ ਗੁੰਮ ਹੋ ਗਿਆ ਹੈ। ਜੇਕਰ ਕਿਸੇ ਨੂੰ ਮਿਲੇ ਤਾਂ ਵਾਪਸ ਕਰਨ ਦੀ ਕਿਰਪਾ ਕਰੇ। ਕੋਈ ਵੀ ਵਿਅਕਤੀ ਇਸ ਦਸਤਾਵੇਜ਼ ਦੀ ਦੁਰਵਰਤੋਂ ਨਾ ਕਰੇ।

Notice

That Santosh Rani w/o Bharat Lal R/o Mansa Distt Mansa has proposed to take loan by mortgaging her property in favour of Capital Small Finance Bank Limited, Mansa. The original title deeds of the property have been lost. Any person having any objection regarding this mortgage may file the same within seven days in writing with the Capital Small Finance Bank Limited, Mansa, failing which the bank shall proceed with the loan facility.

Public Notice

ਦਫ਼ਤਰ ਸਹਾਇਕ ਕੁਲੈਕਟਰ ਦਰਜਾ ਪਹਿਲਾ/ਤਹਿਸੀਲਦਾਰ, ਫਗਵਾੜਾ — ਆਮ ਜਨਤਾ ਨੂੰ ਸੂਚਿਤ ਕੀਤਾ ਜਾਂਦਾ ਹੈ ਕਿ ਪ੍ਰਾਰਥੀ ਵੱਲੋਂ ਮੌਤ ਦੇ ਸਰਟੀਫਿਕੇਟ ਦੀ ਦੇਰੀ ਨਾਲ ਰਜਿਸਟ੍ਰੇਸ਼ਨ ਸਬੰਧੀ ਦਰਖਾਸਤ ਦਿੱਤੀ ਗਈ ਹੈ। ਜੇਕਰ ਕਿਸੇ ਨੂੰ ਕੋਈ ਇਤਰਾਜ਼ ਹੋਵੇ ਤਾਂ ਮਿਤੀ 10.03.2025 ਤੱਕ ਹਾਜ਼ਰ ਹੋ ਕੇ ਦਰਜ ਕਰਵਾ ਸਕਦਾ ਹੈ।

ਆਮ ਸੂਚਨਾ
■ ਮੈਂ ਹਰਦੀਪ ਕੌਰ ਪਤਨੀ ਕੁਲਵਿੰਦਰ ਸਿੰਘ ਵਾਸੀ ਪਿੰਡ ਬੋਪਾਰਾਏ ਕਲਾਂ ਆਮ ਜਨਤਾ ਨੂੰ ਸੂਚਿਤ ਕਰਦੀ ਹਾਂ ਕਿ ਮੇਰੇ ਪਤੀ ਦਾ ਅਸਲ ਨਾਮ ਕੁਲਵਿੰਦਰ ਸਿੰਘ ਹੈ।
■ ਮੈਂ ਵਿਨੋਦ ਸਚਦੇਵਾ ਪੁੱਤਰ ਕਮਲ ਕੁਮਾਰ ਵਾਸੀ ਮਕਾਨ ਨੰਬਰ 13 ਬੀ, 1600 ਵਰਗ ਫੁੱਟ ਆਮ ਜਨਤਾ ਨੂੰ ਸੂਚਿਤ ਕਰਦਾ ਹਾਂ।
■ ਮੈਂ ਰਾਮੇਸ਼ ਕੁਮਾਰ ਪੁੱਤਰ ਕਰਮ ਚੰਦ ਵਾਸੀ ਮਕਾਨ ਨੰਬਰ 3349, ਗੁਰਚਰਨ ਪਾਰਕ, ਨੇੜੇ ਨਿਊ ਮਾਡਲ ਟਾਊਨ, ਲੁਧਿਆਣਾ ਆਮ ਜਨਤਾ ਨੂੰ ਸੂਚਿਤ ਕਰਦਾ ਹਾਂ।
■ ਮੈਂ ਗਿਆਨ ਚੰਦ ਪੁੱਤਰ ਰਾਮ ਲਾਲ ਵਾਸੀ ਗੁਰਚਰਨ ਪਾਰਕ ਲੁਧਿਆਣਾ ਆਮ ਜਨਤਾ ਨੂੰ ਸੂਚਿਤ ਕਰਦਾ ਹਾਂ।
■ It is, for general information that I, Manisha Thakur daughter of Shri Yash Pal residing at Village Rampur PO Rampur Bilron, tehsil Garhshankar, Distt. Hoshiarpur, Punjab, Pin 144528 Declare that name of mine has been wrongly written as Manisha in my 10th Class education and other education documents. The actually name of mine is Manisha Thakur respectively which may be amended accordingly.
ਬੇਦਖਲੀ ਰੱਦ
■ ਮੈਂ ਕਮਲੇਸ਼ ਪਤਨੀ ਸਿੱਧੂ ਵਾਸੀ ਮਕਾਨ ਨੰਬਰ 858 ਆਪਣੇ ਲੜਕੇ ਨੂੰ ਕੀਤੀ ਬੇਦਖਲੀ ਰੱਦ ਕਰਦੀ ਹਾਂ। 7171
■ ਮੈਂ ਜਸਵਿੰਦਰ ਸਿੰਘ ਪੁੱਤਰ ਮੋਹਨ ਸਿੰਘ ਵਾਸੀ ਮਕਾਨ ਨੰਬਰ 188, ਗਲੀ ਨੰਬਰ 5 ਨੇ ਆਪਣੇ ਲੜਕੇ ਨੂੰ ਕੀਤੀ ਬੇਦਖਲੀ ਰੱਦ ਕਰਦਾ ਹਾਂ।
ਇਸ਼ਤਿਹਾਰ ਅਤੇ ਕਲਾਸੀਫਾਈਡ ਕੇਵਲ ਅਦਾਰਾ 'ਪਹਿਰੇਦਾਰ' ਦੀ ਈ-ਮੇਲ rozanapehredarvt@gmail.com 'ਤੇ ਹੀ ਭੇਜੇ ਜਾਣ।
